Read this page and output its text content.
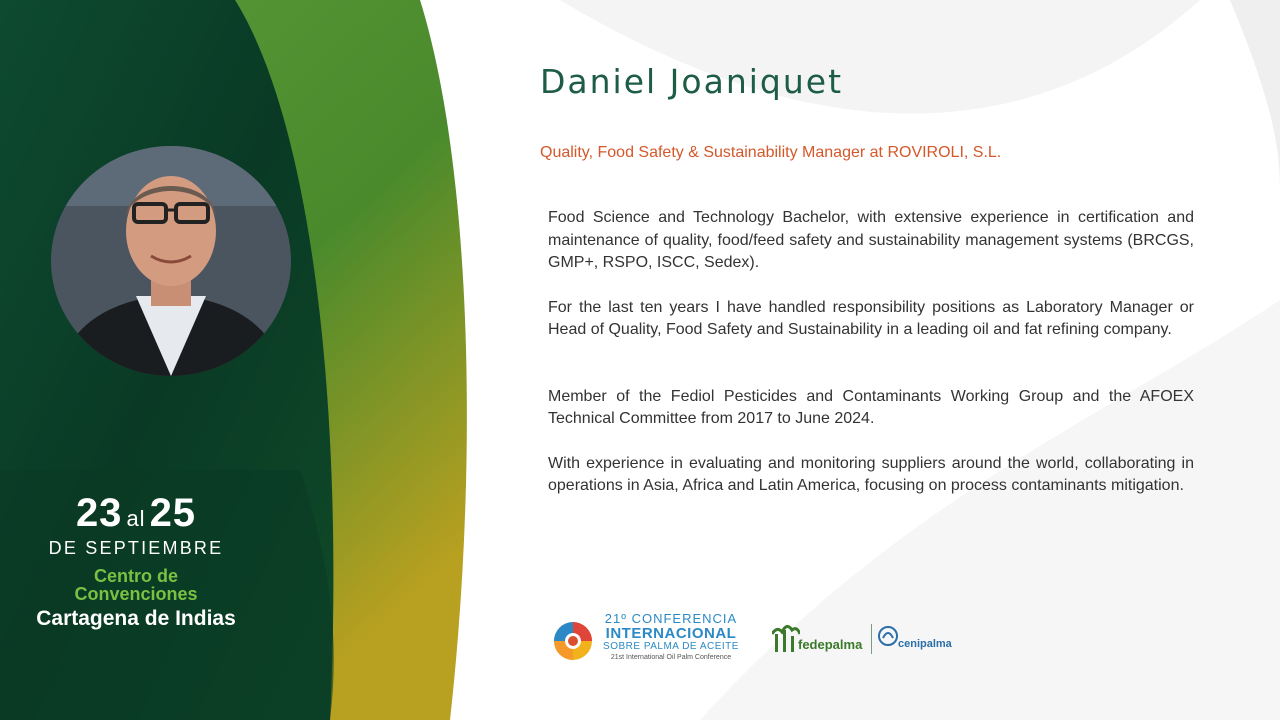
23 al 25
DE SEPTIEMBRE
Centro de
Convenciones
Cartagena de Indias
Daniel Joaniquet
Quality, Food Safety & Sustainability Manager at ROVIROLI, S.L.

Food Science and Technology Bachelor, with extensive experience in certification and maintenance of quality, food/feed safety and sustainability management systems (BRCGS, GMP+, RSPO, ISCC, Sedex).

For the last ten years I have handled responsibility positions as Laboratory Manager or Head of Quality, Food Safety and Sustainability in a leading oil and fat refining company.

Member of the Fediol Pesticides and Contaminants Working Group and the AFOEX Technical Committee from 2017 to June 2024.

With experience in evaluating and monitoring suppliers around the world, collaborating in operations in Asia, Africa and Latin America, focusing on process contaminants mitigation.

21º CONFERENCIA
INTERNACIONAL
SOBRE PALMA DE ACEITE
21st International Oil Palm Conference
fedepalma	cenipalma
